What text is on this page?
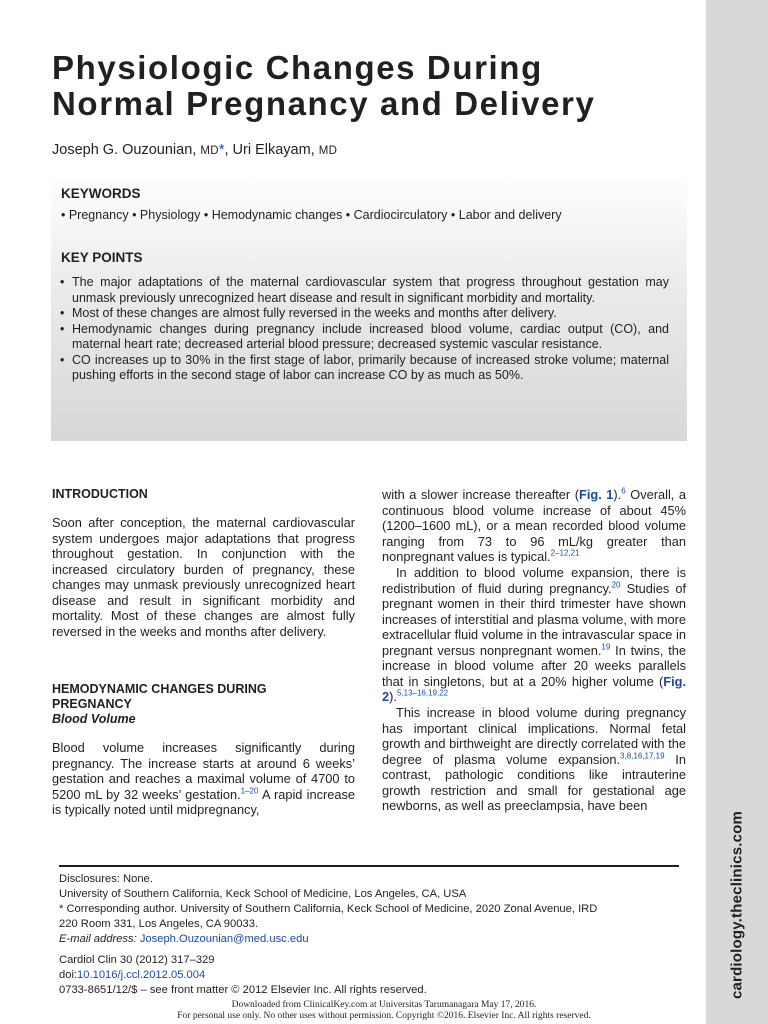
cardiology.theclinics.com
Physiologic Changes During
Normal Pregnancy and Delivery
Joseph G. Ouzounian, MD*, Uri Elkayam, MD
KEYWORDS
• Pregnancy • Physiology • Hemodynamic changes • Cardiocirculatory • Labor and delivery
KEY POINTS
• The major adaptations of the maternal cardiovascular system that progress throughout gestation may unmask previously unrecognized heart disease and result in significant morbidity and mortality.
• Most of these changes are almost fully reversed in the weeks and months after delivery.
• Hemodynamic changes during pregnancy include increased blood volume, cardiac output (CO), and maternal heart rate; decreased arterial blood pressure; decreased systemic vascular resistance.
• CO increases up to 30% in the first stage of labor, primarily because of increased stroke volume; maternal pushing efforts in the second stage of labor can increase CO by as much as 50%.
INTRODUCTION

Soon after conception, the maternal cardiovascular system undergoes major adaptations that progress throughout gestation. In conjunction with the increased circulatory burden of pregnancy, these changes may unmask previously unrecognized heart disease and result in significant morbidity and mortality. Most of these changes are almost fully reversed in the weeks and months after delivery.

HEMODYNAMIC CHANGES DURING PREGNANCY
Blood Volume

Blood volume increases significantly during pregnancy. The increase starts at around 6 weeks’ gestation and reaches a maximal volume of 4700 to 5200 mL by 32 weeks’ gestation.$^{1-20}$ A rapid increase is typically noted until midpregnancy,

with a slower increase thereafter (Fig. 1).$^6$ Overall, a continuous blood volume increase of about 45% (1200–1600 mL), or a mean recorded blood volume ranging from 73 to 96 mL/kg greater than nonpregnant values is typical.$^{2-12,21}$

In addition to blood volume expansion, there is redistribution of fluid during pregnancy.$^{20}$ Studies of pregnant women in their third trimester have shown increases of interstitial and plasma volume, with more extracellular fluid volume in the intravascular space in pregnant versus nonpregnant women.$^{19}$ In twins, the increase in blood volume after 20 weeks parallels that in singletons, but at a 20% higher volume (Fig. 2).$^{5,13-16,19,22}$

This increase in blood volume during pregnancy has important clinical implications. Normal fetal growth and birthweight are directly correlated with the degree of plasma volume expansion.$^{3,8,16,17,19}$ In contrast, pathologic conditions like intrauterine growth restriction and small for gestational age newborns, as well as preeclampsia, have been

Disclosures: None.
University of Southern California, Keck School of Medicine, Los Angeles, CA, USA
* Corresponding author. University of Southern California, Keck School of Medicine, 2020 Zonal Avenue, IRD
220 Room 331, Los Angeles, CA 90033.
E-mail address: Joseph.Ouzounian@med.usc.edu
Cardiol Clin 30 (2012) 317–329
doi:10.1016/j.ccl.2012.05.004
0733-8651/12/$ – see front matter © 2012 Elsevier Inc. All rights reserved.
Downloaded from ClinicalKey.com at Universitas Tarumanagara May 17, 2016.
For personal use only. No other uses without permission. Copyright ©2016. Elsevier Inc. All rights reserved.
